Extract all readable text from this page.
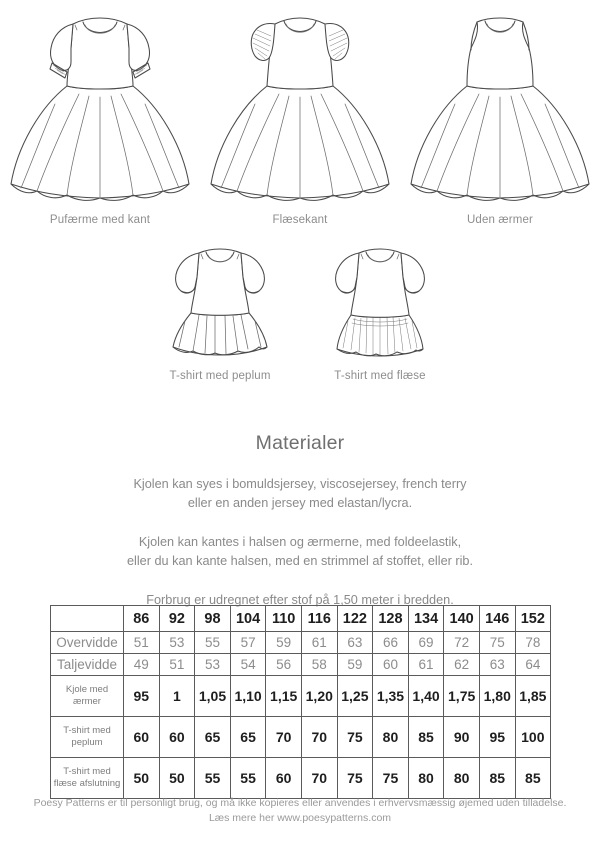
Pufærme med kant	Flæsekant	Uden ærmer
T-shirt med peplum	T-shirt med flæse
Materialer

Kjolen kan syes i bomuldsjersey, viscosejersey, french terry
eller en anden jersey med elastan/lycra.

Kjolen kan kantes i halsen og ærmerne, med foldeelastik,
eller du kan kante halsen, med en strimmel af stoffet, eller rib.

Forbrug er udregnet efter stof på 1,50 meter i bredden.

	86	92	98	104	110	116	122	128	134	140	146	152

Overvidde	51	53	55	57	59	61	63	66	69	72	75	78

Taljevidde	49	51	53	54	56	58	59	60	61	62	63	64

Kjole med
ærmer	95	1	1,05	1,10	1,15	1,20	1,25	1,35	1,40	1,75	1,80	1,85

T-shirt med
peplum	60	60	65	65	70	70	75	80	85	90	95	100

T-shirt med
flæse afslutning	50	50	55	55	60	70	75	75	80	80	85	85
Poesy Patterns er til personligt brug, og må ikke kopieres eller anvendes i erhvervsmæssig øjemed uden tilladelse.
Læs mere her www.poesypatterns.com
